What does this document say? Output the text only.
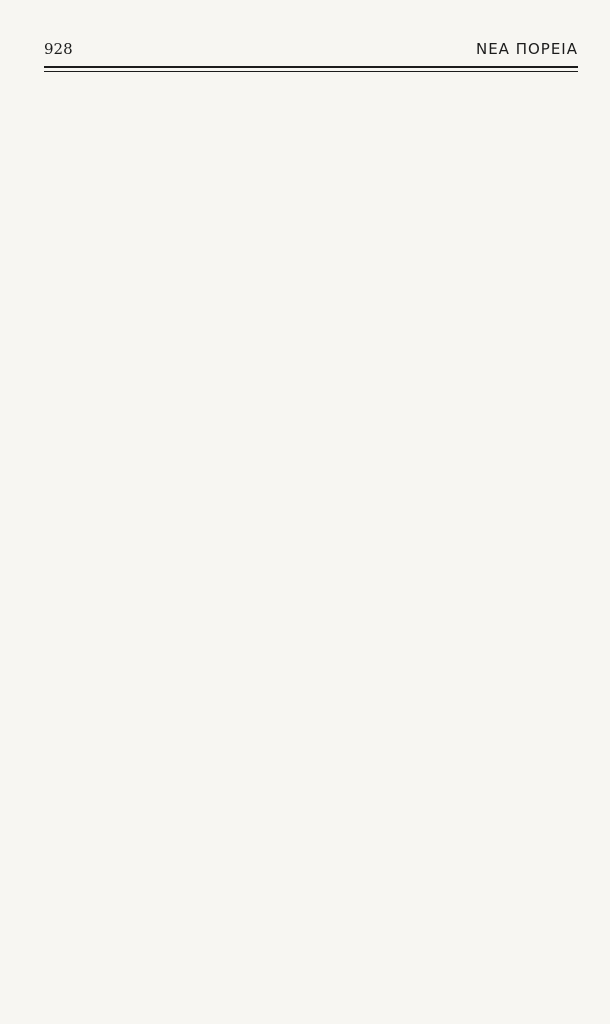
928	ΝΕΑ ΠΟΡΕΙΑ
